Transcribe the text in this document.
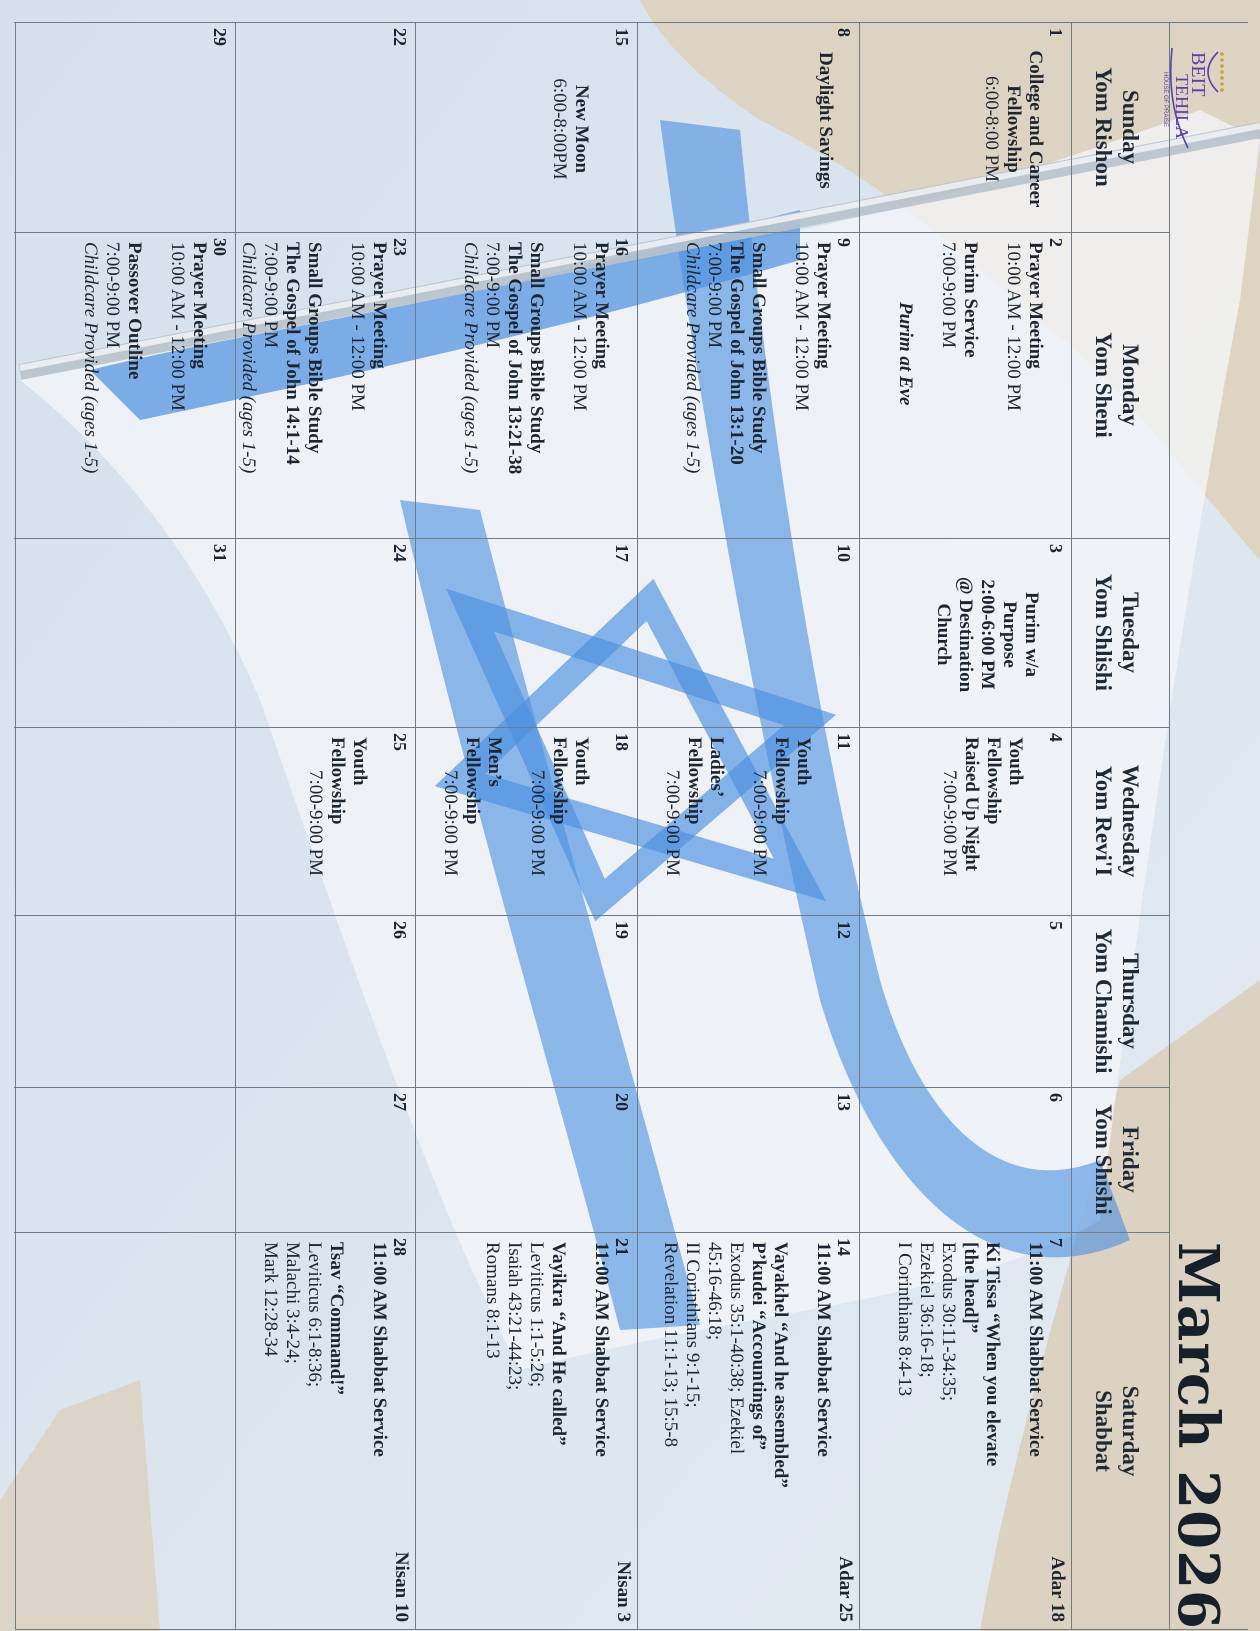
BEIT
TEHILA
HOUSE OF PRAISE
March 2026
Sunday
Yom Rishon
Monday
Yom Sheni
Tuesday
Yom Shlishi
Wednesday
Yom Revi'I
Thursday
Yom Chamishi
Friday
Yom Shishi
Saturday
Shabbat
1
College and Career
Fellowship
6:00-8:00 PM
2
Prayer Meeting
10:00 AM - 12:00 PM
Purim Service
7:00-9:00 PM
Purim at Eve
3
Purim w/a
Purpose
2:00-6:00 PM
@ Destination
Church
4
Youth
Fellowship
Raised Up Night
7:00-9:00 PM
5
6
7
Adar 18
11:00 AM Shabbat Service
Ki Tissa “When you elevate
[the head]”
Exodus 30:11-34:35;
Ezekiel 36:16-18;
I Corinthians 8:4-13
8
Daylight Savings
9
Prayer Meeting
10:00 AM - 12:00 PM
Small Groups Bible Study
The Gospel of John 13:1-20
7:00-9:00 PM
Childcare Provided (ages 1-5)
10
11
Youth
Fellowship
7:00-9:00 PM
Ladies’
Fellowship
7:00-9:00 PM
12
13
14
Adar 25
11:00 AM Shabbat Service
Vayakhel “And he assembled”
P’kudei “Accountings of”
Exodus 35:1-40:38; Ezekiel
45:16-46:18;
II Corinthians 9:1-15;
Revelation 11:1-13; 15:5-8
15
New Moon
6:00-8:00PM
16
Prayer Meeting
10:00 AM - 12:00 PM
Small Groups Bible Study
The Gospel of John 13:21-38
7:00-9:00 PM
Childcare Provided (ages 1-5)
17
18
Youth
Fellowship
7:00-9:00 PM
Men’s
Fellowship
7:00-9:00 PM
19
20
21
Nisan 3
11:00 AM Shabbat Service
Vayikra “And He called”
Leviticus 1:1-5:26;
Isaiah 43:21-44:23;
Romans 8:1-13
22
23
Prayer Meeting
10:00 AM - 12:00 PM
Small Groups Bible Study
The Gospel of John 14:1-14
7:00-9:00 PM
Childcare Provided (ages 1-5)
24
25
Youth
Fellowship
7:00-9:00 PM
26
27
28
Nisan 10
11:00 AM Shabbat Service
Tsav “Command!”
Leviticus 6:1-8:36;
Malachi 3:4-24;
Mark 12:28-34
29
30
Prayer Meeting
10:00 AM - 12:00 PM
Passover Outline
7:00-9:00 PM
Childcare Provided (ages 1-5)
31
